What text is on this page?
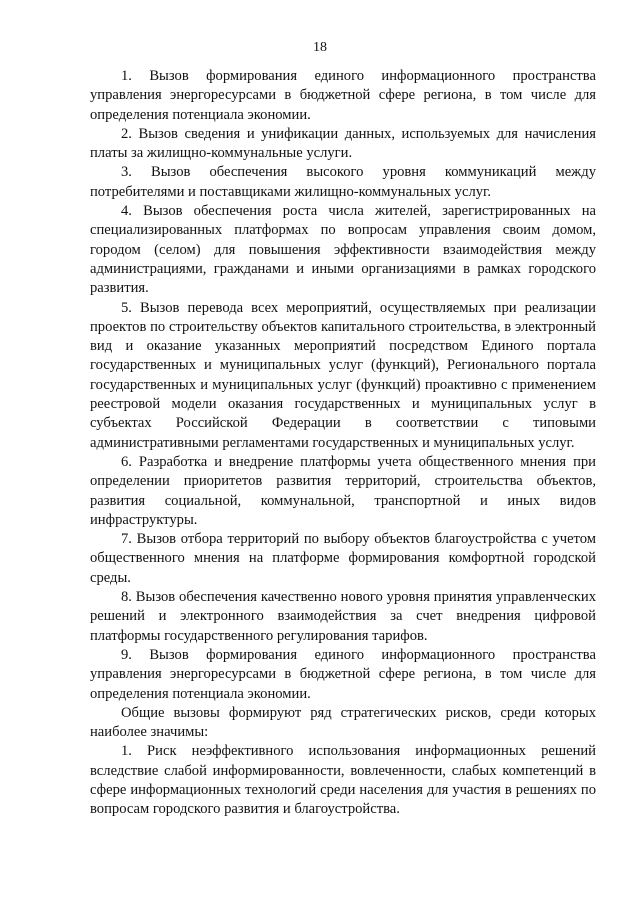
18

1. Вызов формирования единого информационного пространства управления энергоресурсами в бюджетной сфере региона, в том числе для определения потенциала экономии.

2. Вызов сведения и унификации данных, используемых для начисления платы за жилищно-коммунальные услуги.

3. Вызов обеспечения высокого уровня коммуникаций между потребителями и поставщиками жилищно-коммунальных услуг.

4. Вызов обеспечения роста числа жителей, зарегистрированных на специализированных платформах по вопросам управления своим домом, городом (селом) для повышения эффективности взаимодействия между администрациями, гражданами и иными организациями в рамках городского развития.

5. Вызов перевода всех мероприятий, осуществляемых при реализации проектов по строительству объектов капитального строительства, в электронный вид и оказание указанных мероприятий посредством Единого портала государственных и муниципальных услуг (функций), Регионального портала государственных и муниципальных услуг (функций) проактивно с применением реестровой модели оказания государственных и муниципальных услуг в субъектах Российской Федерации в соответствии с типовыми административными регламентами государственных и муниципальных услуг.

6. Разработка и внедрение платформы учета общественного мнения при определении приоритетов развития территорий, строительства объектов, развития социальной, коммунальной, транспортной и иных видов инфраструктуры.

7. Вызов отбора территорий по выбору объектов благоустройства с учетом общественного мнения на платформе формирования комфортной городской среды.

8. Вызов обеспечения качественно нового уровня принятия управленческих решений и электронного взаимодействия за счет внедрения цифровой платформы государственного регулирования тарифов.

9. Вызов формирования единого информационного пространства управления энергоресурсами в бюджетной сфере региона, в том числе для определения потенциала экономии.

Общие вызовы формируют ряд стратегических рисков, среди которых наиболее значимы:

1. Риск неэффективного использования информационных решений вследствие слабой информированности, вовлеченности, слабых компетенций в сфере информационных технологий среди населения для участия в решениях по вопросам городского развития и благоустройства.
